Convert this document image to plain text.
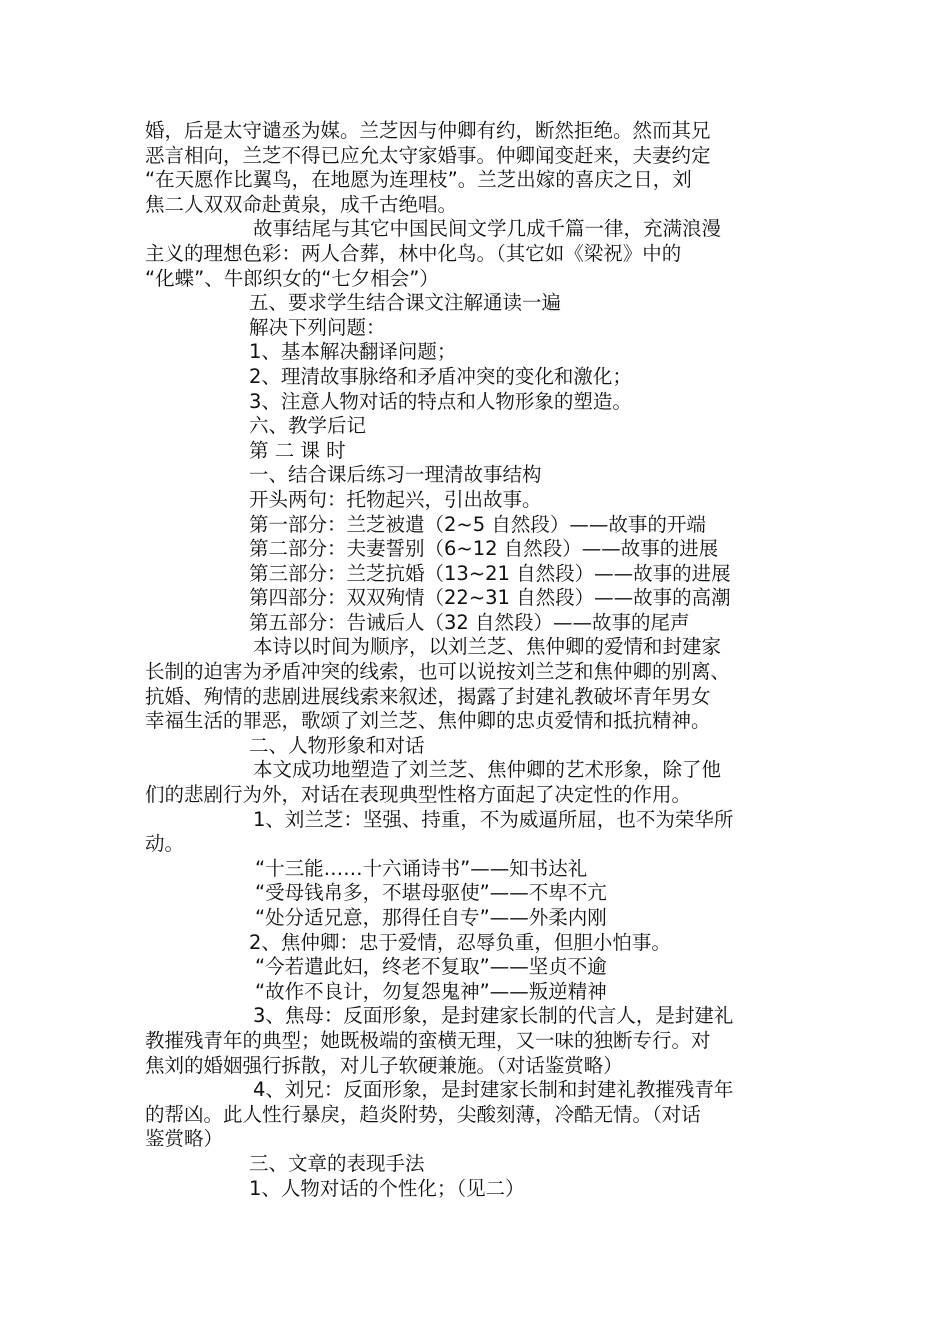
婚，后是太守谴丞为媒。兰芝因与仲卿有约，断然拒绝。然而其兄
恶言相向，兰芝不得已应允太守家婚事。仲卿闻变赶来，夫妻约定
“在天愿作比翼鸟，在地愿为连理枝”。兰芝出嫁的喜庆之日，刘
焦二人双双命赴黄泉，成千古绝唱。
故事结尾与其它中国民间文学几成千篇一律，充满浪漫
主义的理想色彩：两人合葬，林中化鸟。（其它如《梁祝》中的
“化蝶”、牛郎织女的“七夕相会”）
五、要求学生结合课文注解通读一遍
解决下列问题：
1、基本解决翻译问题；
2、理清故事脉络和矛盾冲突的变化和激化；
3、注意人物对话的特点和人物形象的塑造。
六、教学后记
第 二 课 时
一、结合课后练习一理清故事结构
开头两句：托物起兴，引出故事。
第一部分：兰芝被遣（2~5 自然段）——故事的开端
第二部分：夫妻誓别（6~12 自然段）——故事的进展
第三部分：兰芝抗婚（13~21 自然段）——故事的进展
第四部分：双双殉情（22~31 自然段）——故事的高潮
第五部分：告诫后人（32 自然段）——故事的尾声
本诗以时间为顺序，以刘兰芝、焦仲卿的爱情和封建家
长制的迫害为矛盾冲突的线索，也可以说按刘兰芝和焦仲卿的别离、
抗婚、殉情的悲剧进展线索来叙述，揭露了封建礼教破坏青年男女
幸福生活的罪恶，歌颂了刘兰芝、焦仲卿的忠贞爱情和抵抗精神。
二、人物形象和对话
本文成功地塑造了刘兰芝、焦仲卿的艺术形象，除了他
们的悲剧行为外，对话在表现典型性格方面起了决定性的作用。
1、刘兰芝：坚强、持重，不为威逼所屈，也不为荣华所
动。
“十三能……十六诵诗书”——知书达礼
“受母钱帛多，不堪母驱使”——不卑不亢
“处分适兄意，那得任自专”——外柔内刚
2、焦仲卿：忠于爱情，忍辱负重，但胆小怕事。
“今若遣此妇，终老不复取”——坚贞不逾
“故作不良计，勿复怨鬼神”——叛逆精神
3、焦母：反面形象，是封建家长制的代言人，是封建礼
教摧残青年的典型；她既极端的蛮横无理，又一味的独断专行。对
焦刘的婚姻强行拆散，对儿子软硬兼施。（对话鉴赏略）
4、刘兄：反面形象，是封建家长制和封建礼教摧残青年
的帮凶。此人性行暴戾，趋炎附势，尖酸刻薄，冷酷无情。（对话
鉴赏略）
三、文章的表现手法
1、人物对话的个性化；（见二）
